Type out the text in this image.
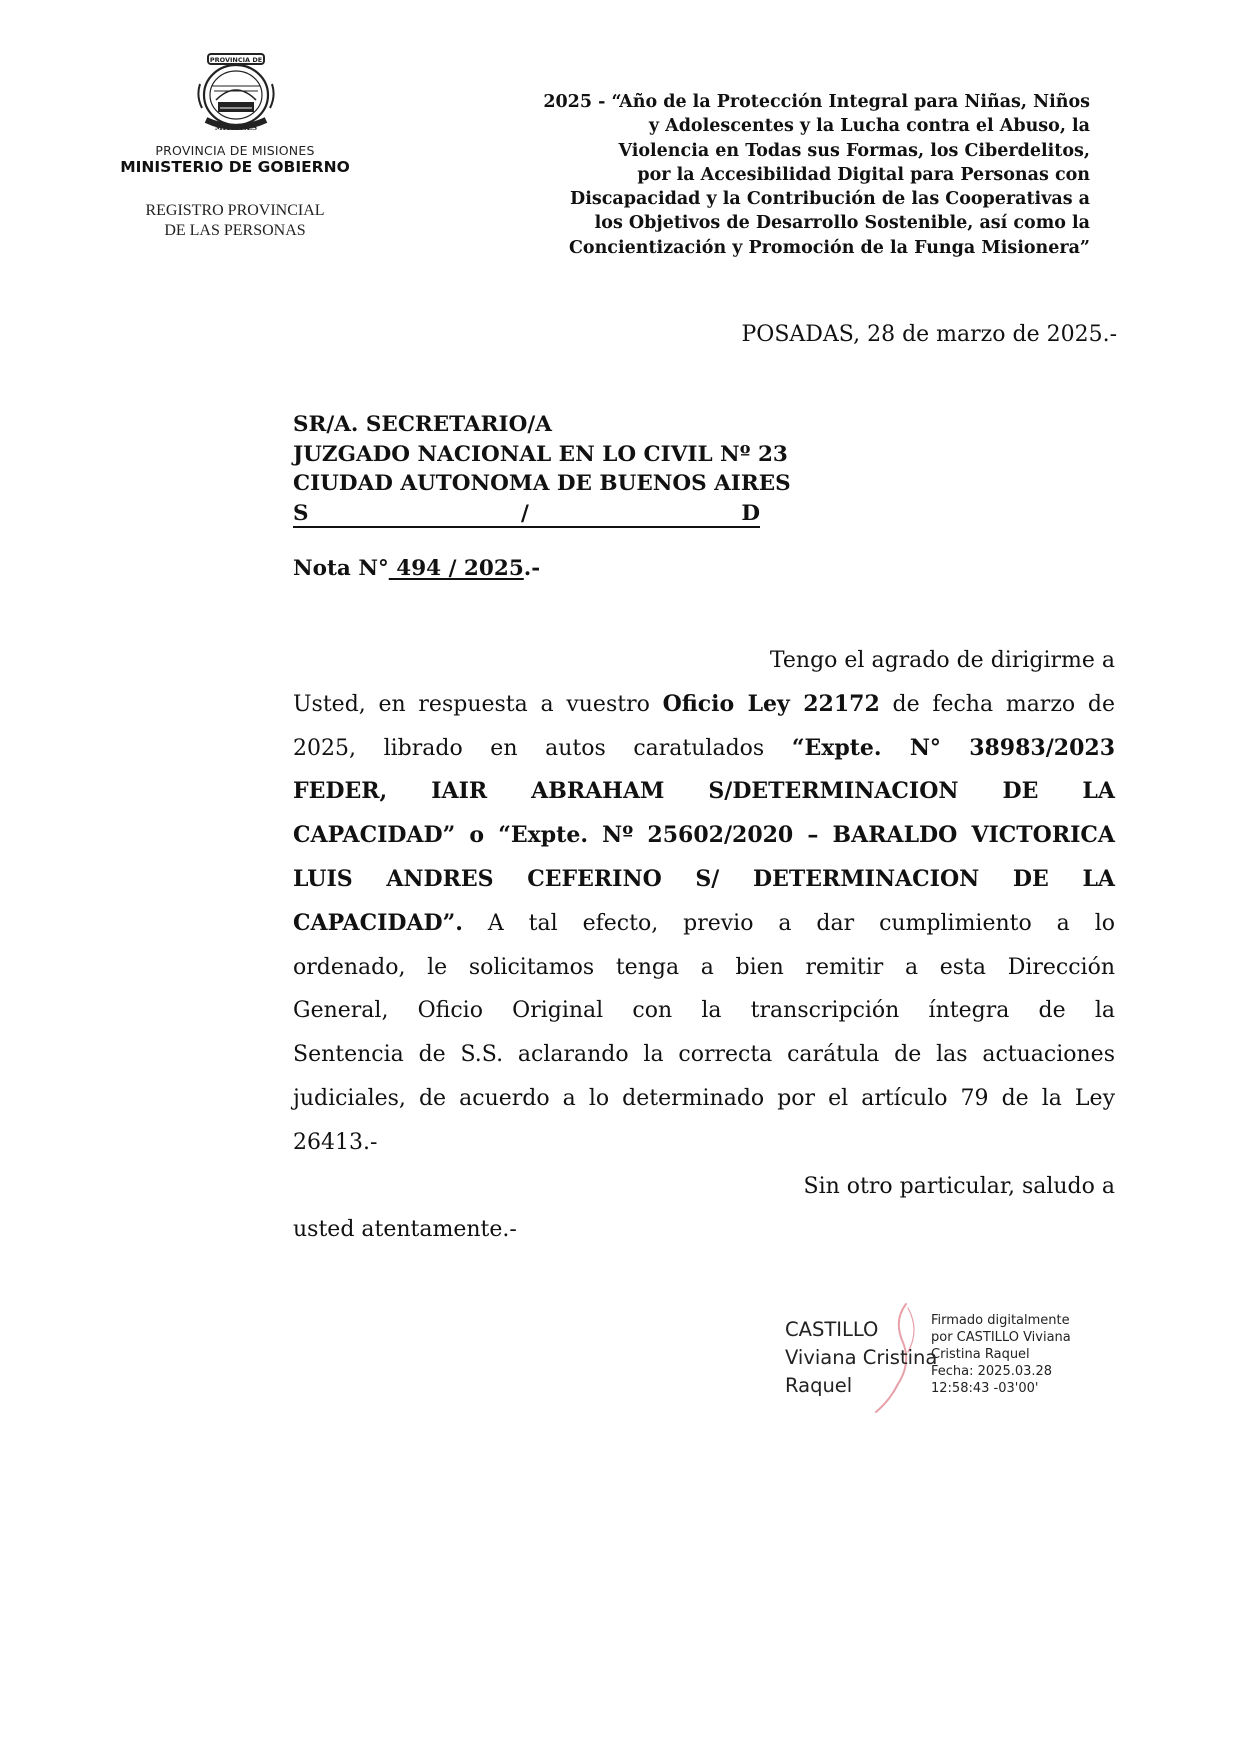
PROVINCIA DE
MISIONES
PROVINCIA DE MISIONES
MINISTERIO DE GOBIERNO
REGISTRO PROVINCIAL
DE LAS PERSONAS
2025 - “Año de la Protección Integral para Niñas, Niños
y Adolescentes y la Lucha contra el Abuso, la
Violencia en Todas sus Formas, los Ciberdelitos,
por la Accesibilidad Digital para Personas con
Discapacidad y la Contribución de las Cooperativas a
los Objetivos de Desarrollo Sostenible, así como la
Concientización y Promoción de la Funga Misionera”
POSADAS, 28 de marzo de 2025.-
SR/A. SECRETARIO/A
JUZGADO NACIONAL EN LO CIVIL Nº 23
CIUDAD AUTONOMA DE BUENOS AIRES
S	/	D
Nota N° 494 / 2025.-
Tengo el agrado de dirigirme a
Usted, en respuesta a vuestro Oficio Ley 22172 de fecha marzo de
2025, librado en autos caratulados “Expte. N° 38983/2023
FEDER, IAIR ABRAHAM S/DETERMINACION DE LA
CAPACIDAD” o “Expte. Nº 25602/2020 – BARALDO VICTORICA
LUIS ANDRES CEFERINO S/ DETERMINACION DE LA
CAPACIDAD”. A tal efecto, previo a dar cumplimiento a lo
ordenado, le solicitamos tenga a bien remitir a esta Dirección
General, Oficio Original con la transcripción íntegra de la
Sentencia de S.S. aclarando la correcta carátula de las actuaciones
judiciales, de acuerdo a lo determinado por el artículo 79 de la Ley
26413.-
Sin otro particular, saludo a
usted atentamente.-
CASTILLO
Viviana Cristina
Raquel
Firmado digitalmente
por CASTILLO Viviana
Cristina Raquel
Fecha: 2025.03.28
12:58:43 -03'00'
